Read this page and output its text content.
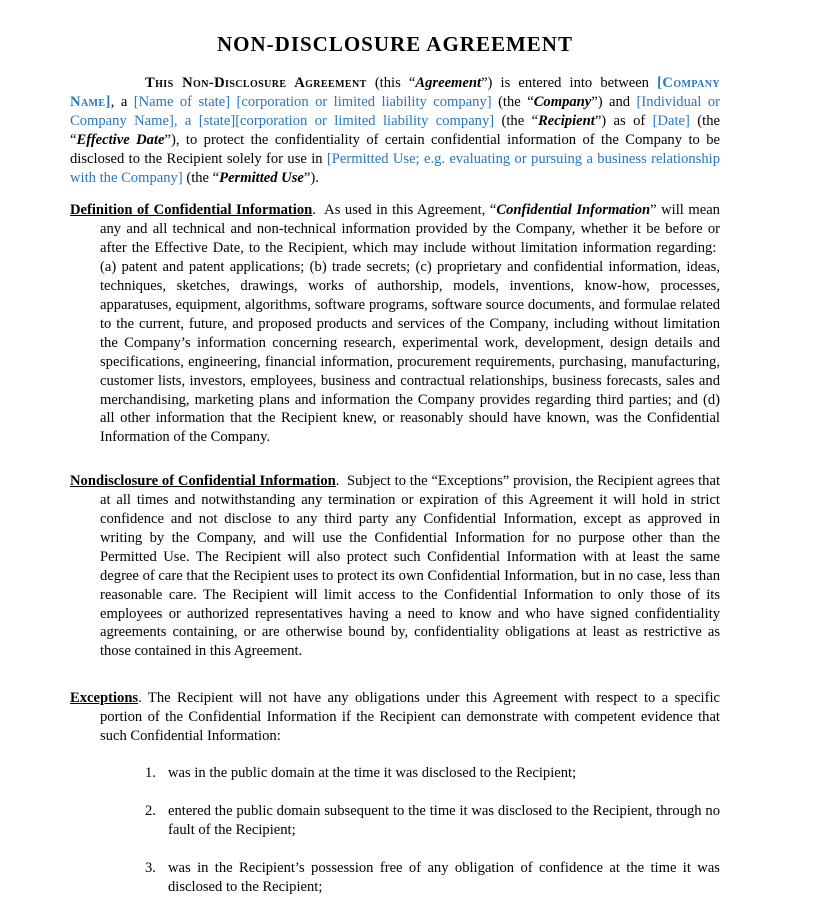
NON-DISCLOSURE AGREEMENT

This Non-Disclosure Agreement (this “Agreement”) is entered into between [Company Name], a [Name of state] [corporation or limited liability company] (the “Company”) and [Individual or Company Name], a [state][corporation or limited liability company] (the “Recipient”) as of [Date] (the “Effective Date”), to protect the confidentiality of certain confidential information of the Company to be disclosed to the Recipient solely for use in [Permitted Use; e.g. evaluating or pursuing a business relationship with the Company] (the “Permitted Use”).

Definition of Confidential Information.  As used in this Agreement, “Confidential Information” will mean any and all technical and non-technical information provided by the Company, whether it be before or after the Effective Date, to the Recipient, which may include without limitation information regarding:  (a) patent and patent applications; (b) trade secrets; (c) proprietary and confidential information, ideas, techniques, sketches, drawings, works of authorship, models, inventions, know-how, processes, apparatuses, equipment, algorithms, software programs, software source documents, and formulae related to the current, future, and proposed products and services of the Company, including without limitation the Company’s information concerning research, experimental work, development, design details and specifications, engineering, financial information, procurement requirements, purchasing, manufacturing, customer lists, investors, employees, business and contractual relationships, business forecasts, sales and merchandising, marketing plans and information the Company provides regarding third parties; and (d) all other information that the Recipient knew, or reasonably should have known, was the Confidential Information of the Company.

Nondisclosure of Confidential Information.  Subject to the “Exceptions” provision, the Recipient agrees that at all times and notwithstanding any termination or expiration of this Agreement it will hold in strict confidence and not disclose to any third party any Confidential Information, except as approved in writing by the Company, and will use the Confidential Information for no purpose other than the Permitted Use. The Recipient will also protect such Confidential Information with at least the same degree of care that the Recipient uses to protect its own Confidential Information, but in no case, less than reasonable care. The Recipient will limit access to the Confidential Information to only those of its employees or authorized representatives having a need to know and who have signed confidentiality agreements containing, or are otherwise bound by, confidentiality obligations at least as restrictive as those contained in this Agreement.

Exceptions. The Recipient will not have any obligations under this Agreement with respect to a specific portion of the Confidential Information if the Recipient can demonstrate with competent evidence that such Confidential Information:

1. was in the public domain at the time it was disclosed to the Recipient;
2. entered the public domain subsequent to the time it was disclosed to the Recipient, through no fault of the Recipient;
3. was in the Recipient’s possession free of any obligation of confidence at the time it was disclosed to the Recipient;
